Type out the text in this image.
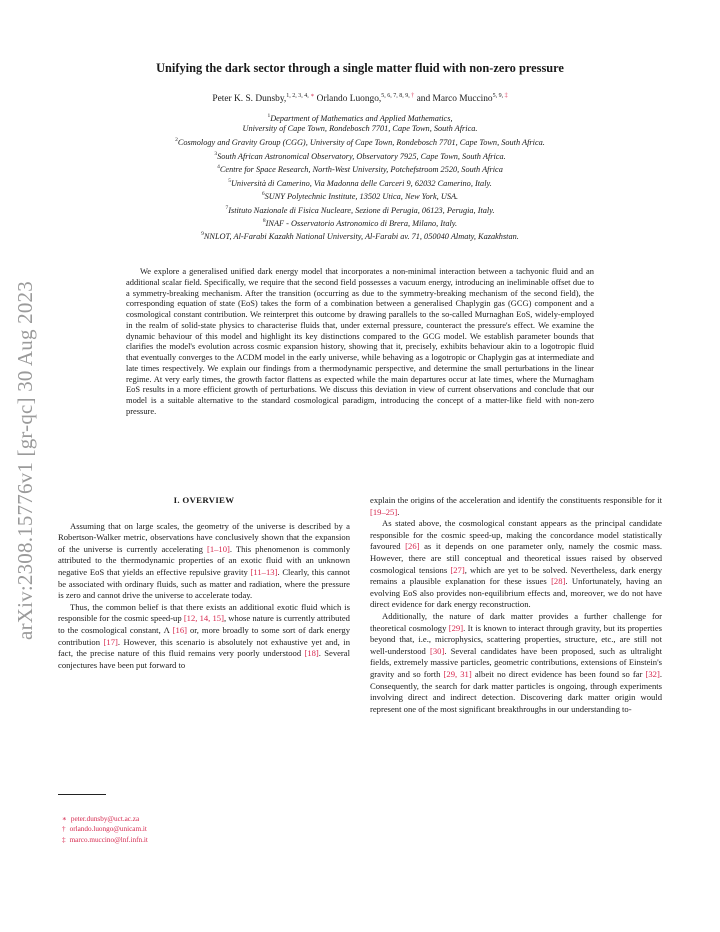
arXiv:2308.15776v1 [gr-qc] 30 Aug 2023
Unifying the dark sector through a single matter fluid with non-zero pressure
Peter K. S. Dunsby,$^{1, 2, 3, 4,}$ ∗ Orlando Luongo,$^{5, 6, 7, 8, 9,}$ † and Marco Muccino$^{5, 9,}$ ‡
$^1$Department of Mathematics and Applied Mathematics,
University of Cape Town, Rondebosch 7701, Cape Town, South Africa.
$^2$Cosmology and Gravity Group (CGG), University of Cape Town, Rondebosch 7701, Cape Town, South Africa.
$^3$South African Astronomical Observatory, Observatory 7925, Cape Town, South Africa.
$^4$Centre for Space Research, North-West University, Potchefstroom 2520, South Africa
$^5$Università di Camerino, Via Madonna delle Carceri 9, 62032 Camerino, Italy.
$^6$SUNY Polytechnic Institute, 13502 Utica, New York, USA.
$^7$Istituto Nazionale di Fisica Nucleare, Sezione di Perugia, 06123, Perugia, Italy.
$^8$INAF - Osservatorio Astronomico di Brera, Milano, Italy.
$^9$NNLOT, Al-Farabi Kazakh National University, Al-Farabi av. 71, 050040 Almaty, Kazakhstan.

We explore a generalised unified dark energy model that incorporates a non-minimal interaction between a tachyonic fluid and an additional scalar field. Specifically, we require that the second field possesses a vacuum energy, introducing an ineliminable offset due to a symmetry-breaking mechanism. After the transition (occurring as due to the symmetry-breaking mechanism of the second field), the corresponding equation of state (EoS) takes the form of a combination between a generalised Chaplygin gas (GCG) component and a cosmological constant contribution. We reinterpret this outcome by drawing parallels to the so-called Murnaghan EoS, widely-employed in the realm of solid-state physics to characterise fluids that, under external pressure, counteract the pressure's effect. We examine the dynamic behaviour of this model and highlight its key distinctions compared to the GCG model. We establish parameter bounds that clarifies the model's evolution across cosmic expansion history, showing that it, precisely, exhibits behaviour akin to a logotropic fluid that eventually converges to the ΛCDM model in the early universe, while behaving as a logotropic or Chaplygin gas at intermediate and late times respectively. We explain our findings from a thermodynamic perspective, and determine the small perturbations in the linear regime. At very early times, the growth factor flattens as expected while the main departures occur at late times, where the Murnagham EoS results in a more efficient growth of perturbations. We discuss this deviation in view of current observations and conclude that our model is a suitable alternative to the standard cosmological paradigm, introducing the concept of a matter-like field with non-zero pressure.

I. OVERVIEW

Assuming that on large scales, the geometry of the universe is described by a Robertson-Walker metric, observations have conclusively shown that the expansion of the universe is currently accelerating [1–10]. This phenomenon is commonly attributed to the thermodynamic properties of an exotic fluid with an unknown negative EoS that yields an effective repulsive gravity [11–13]. Clearly, this cannot be associated with ordinary fluids, such as matter and radiation, where the pressure is zero and cannot drive the universe to accelerate today.

Thus, the common belief is that there exists an additional exotic fluid which is responsible for the cosmic speed-up [12, 14, 15], whose nature is currently attributed to the cosmological constant, Λ [16] or, more broadly to some sort of dark energy contribution [17]. However, this scenario is absolutely not exhaustive yet and, in fact, the precise nature of this fluid remains very poorly understood [18]. Several conjectures have been put forward to

explain the origins of the acceleration and identify the constituents responsible for it [19–25].

As stated above, the cosmological constant appears as the principal candidate responsible for the cosmic speed-up, making the concordance model statistically favoured [26] as it depends on one parameter only, namely the cosmic mass. However, there are still conceptual and theoretical issues raised by observed cosmological tensions [27], which are yet to be solved. Nevertheless, dark energy remains a plausible explanation for these issues [28]. Unfortunately, having an evolving EoS also provides non-equilibrium effects and, moreover, we do not have direct evidence for dark energy reconstruction.

Additionally, the nature of dark matter provides a further challenge for theoretical cosmology [29]. It is known to interact through gravity, but its properties beyond that, i.e., microphysics, scattering properties, structure, etc., are still not well-understood [30]. Several candidates have been proposed, such as ultralight fields, extremely massive particles, geometric contributions, extensions of Einstein's gravity and so forth [29, 31] albeit no direct evidence has been found so far [32]. Consequently, the search for dark matter particles is ongoing, through experiments involving direct and indirect detection. Discovering dark matter origin would represent one of the most significant breakthroughs in our understanding to-

∗ peter.dunsby@uct.ac.za
† orlando.luongo@unicam.it
‡ marco.muccino@lnf.infn.it
